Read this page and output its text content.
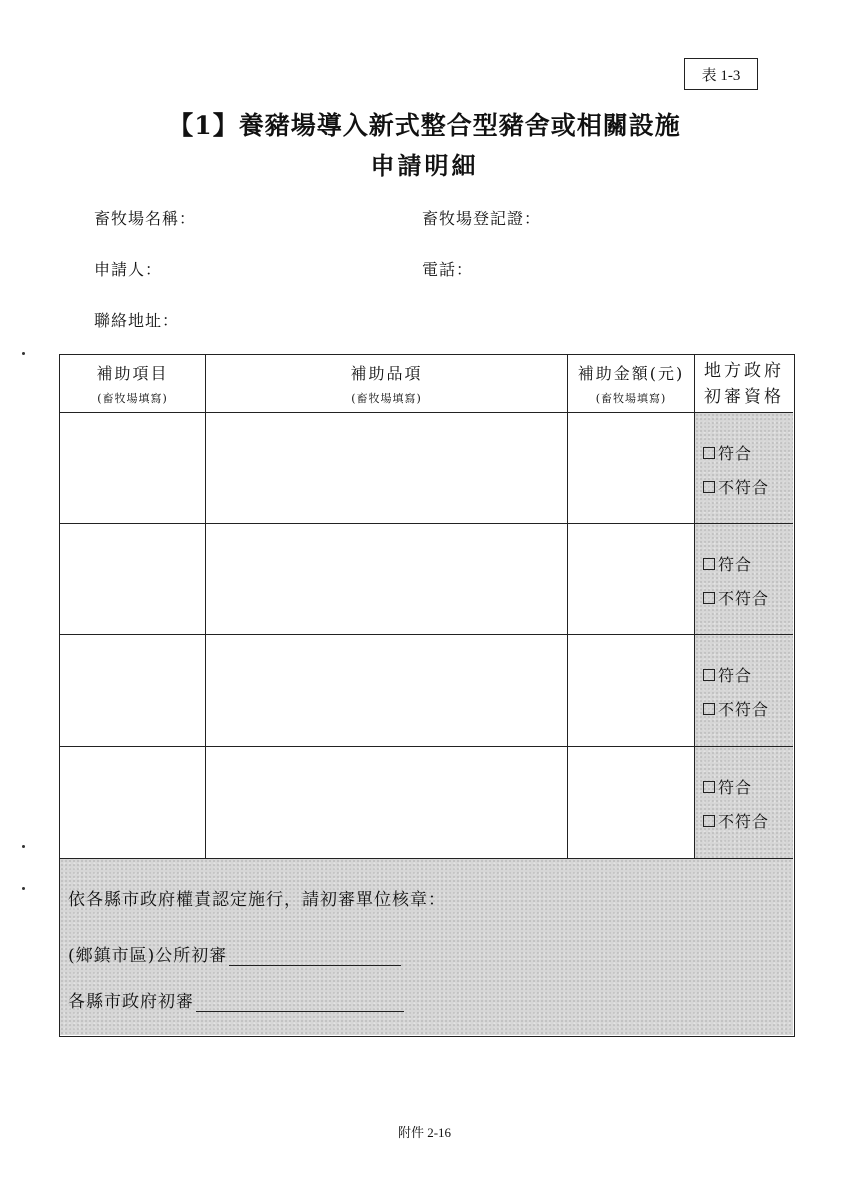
表 1-3
【1】養豬場導入新式整合型豬舍或相關設施
申請明細
畜牧場名稱：	畜牧場登記證：
申請人：	電話：
聯絡地址：
補助項目
(畜牧場填寫)
補助品項
(畜牧場填寫)
補助金額(元)
(畜牧場填寫)
地方政府
初審資格
符合
不符合
符合
不符合
符合
不符合
符合
不符合
依各縣市政府權責認定施行，請初審單位核章：
(鄉鎮市區)公所初審
各縣市政府初審
附件 2-16
